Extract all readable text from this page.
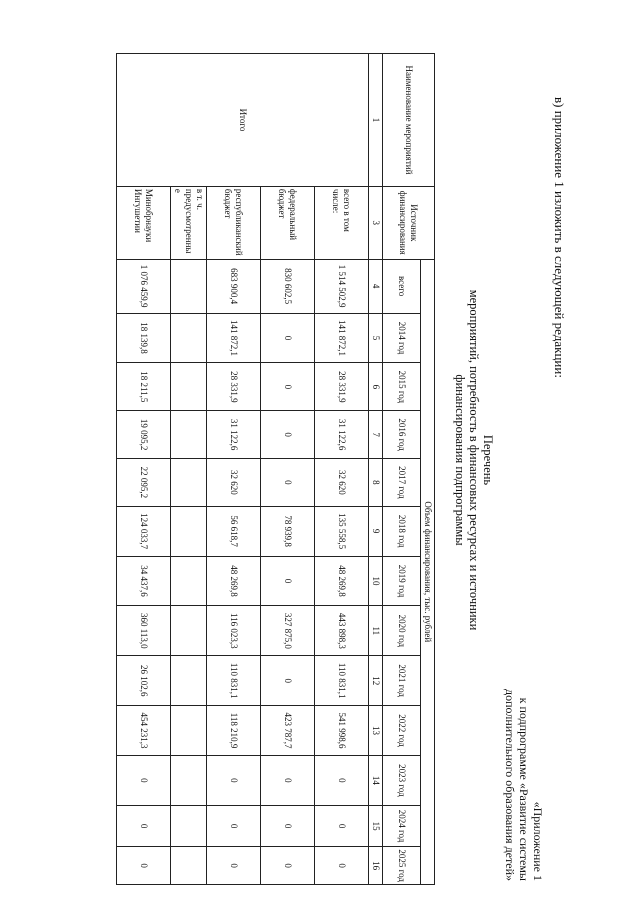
в) приложение 1 изложить в следующей редакции:
«Приложение 1
к подпрограмме «Развитие системы
дополнительного образования детей»
Перечень
мероприятий, потребность в финансовых ресурсах и источники
финансирования подпрограммы
Наименование мероприятий	Источник финансирования	Объем финансирования, тыс. рублей												
		всего	2014 год	2015 год	2016 год	2017 год	2018 год	2019 год	2020 год	2021 год	2022 год	2023 год	2024 год	2025 год
1	3	4	5	6	7	8	9	10	11	12	13	14	15	16
Итого	всего в том числе:	1 514 502,9	141 872,1	28 331,9	31 122,6	32 620	135 558,5	48 269,8	443 898,3	110 831,1	541 998,6	0	0	0
	федеральный бюджет	830 602,5	0	0	0	0	78 939,8	0	327 875,0	0	423 787,7	0	0	0
	республиканский бюджет	683 900,4	141 872,1	28 331,9	31 122,6	32 620	56 618,7	48 269,8	116 023,3	110 831,1	118 210,9	0	0	0
	в т. ч. предусмотренные													
	Минобрнауки Ингушетии	1 076 459,9	18 139,8	18 211,5	19 095,2	22 095,2	124 033,7	34 437,6	360 113,0	26 102,6	454 231,3	0	0	0
